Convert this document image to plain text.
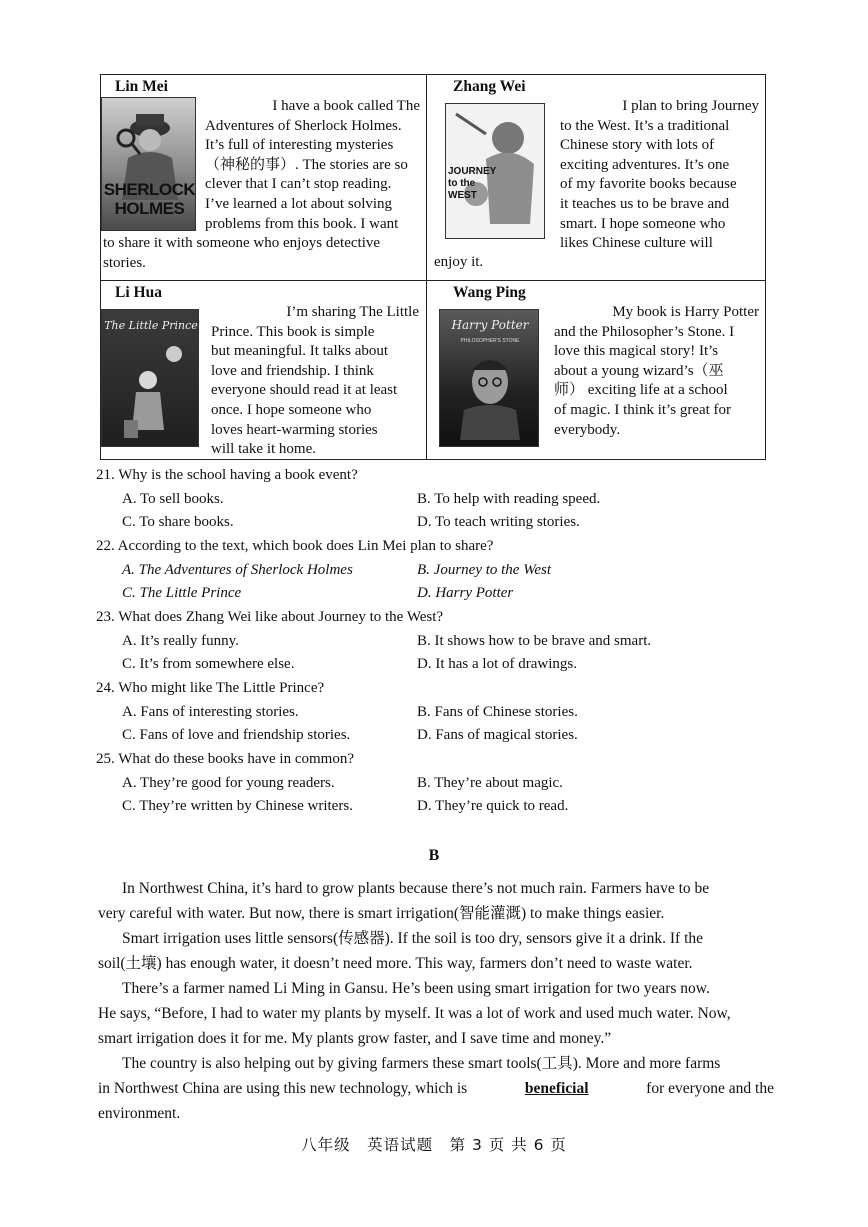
Lin Mei
SHERLOCK HOLMES
I have a book called The
Adventures of Sherlock Holmes.
It’s full of interesting mysteries
（神秘的事）. The stories are so
clever that I can’t stop reading.
I’ve learned a lot about solving
problems from this book. I want
to share it with someone who enjoys detective
stories.
Zhang Wei
JOURNEY to the WEST
I plan to bring Journey
to the West. It’s a traditional
Chinese story with lots of
exciting adventures. It’s one
of my favorite books because
it teaches us to be brave and
smart. I hope someone who
likes Chinese culture will
enjoy it.
Li Hua
The Little Prince
I’m sharing The Little
Prince. This book is simple
but meaningful. It talks about
love and friendship. I think
everyone should read it at least
once. I hope someone who
loves heart-warming stories
will take it home.
Wang Ping
Harry Potter
PHILOSOPHER'S STONE
My book is Harry Potter
and the Philosopher’s Stone. I
love this magical story! It’s
about a young wizard’s（巫
师） exciting life at a school
of magic. I think it’s great for
everybody.
21. Why is the school having a book event?
A. To sell books.	B. To help with reading speed.
C. To share books.	D. To teach writing stories.
22. According to the text, which book does Lin Mei plan to share?
A. The Adventures of Sherlock Holmes	B. Journey to the West
C. The Little Prince	D. Harry Potter
23. What does Zhang Wei like about Journey to the West?
A. It’s really funny.	B. It shows how to be brave and smart.
C. It’s from somewhere else.	D. It has a lot of drawings.
24. Who might like The Little Prince?
A. Fans of interesting stories.	B. Fans of Chinese stories.
C. Fans of love and friendship stories.	D. Fans of magical stories.
25. What do these books have in common?
A. They’re good for young readers.	B. They’re about magic.
C. They’re written by Chinese writers.	D. They’re quick to read.
B
In Northwest China, it’s hard to grow plants because there’s not much rain. Farmers have to be
very careful with water. But now, there is smart irrigation(智能灌溉) to make things easier.
Smart irrigation uses little sensors(传感器). If the soil is too dry, sensors give it a drink. If the
soil(土壤) has enough water, it doesn’t need more. This way, farmers don’t need to waste water.
There’s a farmer named Li Ming in Gansu. He’s been using smart irrigation for two years now.
He says, “Before, I had to water my plants by myself. It was a lot of work and used much water. Now,
smart irrigation does it for me. My plants grow faster, and I save time and money.”
The country is also helping out by giving farmers these smart tools(工具). More and more farms
in Northwest China are using this new technology, which is	beneficial	for everyone and the
environment.
八年级　英语试题　第 3 页 共 6 页
